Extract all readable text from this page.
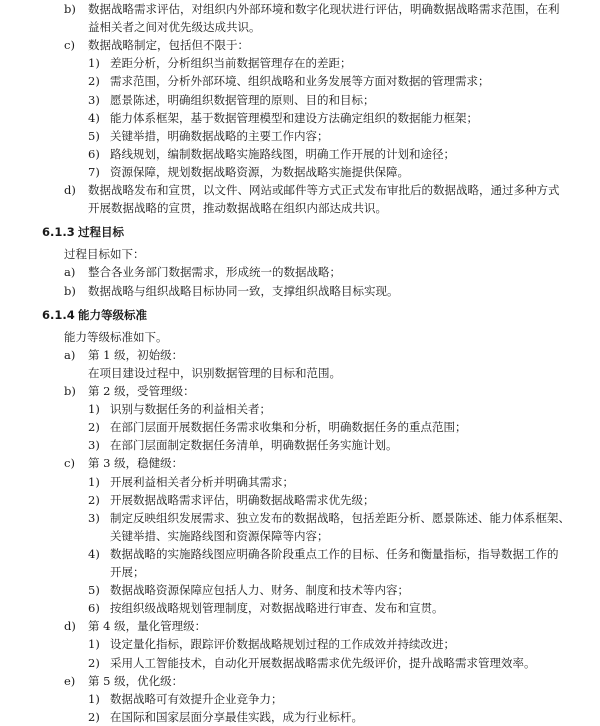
b) 数据战略需求评估，对组织内外部环境和数字化现状进行评估，明确数据战略需求范围，在利
益相关者之间对优先级达成共识。
c) 数据战略制定，包括但不限于：
1) 差距分析，分析组织当前数据管理存在的差距；
2) 需求范围，分析外部环境、组织战略和业务发展等方面对数据的管理需求；
3) 愿景陈述，明确组织数据管理的原则、目的和目标；
4) 能力体系框架，基于数据管理模型和建设方法确定组织的数据能力框架；
5) 关键举措，明确数据战略的主要工作内容；
6) 路线规划，编制数据战略实施路线图，明确工作开展的计划和途径；
7) 资源保障，规划数据战略资源，为数据战略实施提供保障。
d) 数据战略发布和宣贯，以文件、网站或邮件等方式正式发布审批后的数据战略，通过多种方式
开展数据战略的宣贯，推动数据战略在组织内部达成共识。
6.1.3 过程目标
过程目标如下：
a) 整合各业务部门数据需求，形成统一的数据战略；
b) 数据战略与组织战略目标协同一致，支撑组织战略目标实现。
6.1.4 能力等级标准
能力等级标准如下。
a) 第 1 级，初始级：
在项目建设过程中，识别数据管理的目标和范围。
b) 第 2 级，受管理级：
1) 识别与数据任务的利益相关者；
2) 在部门层面开展数据任务需求收集和分析，明确数据任务的重点范围；
3) 在部门层面制定数据任务清单，明确数据任务实施计划。
c) 第 3 级，稳健级：
1) 开展利益相关者分析并明确其需求；
2) 开展数据战略需求评估，明确数据战略需求优先级；
3) 制定反映组织发展需求、独立发布的数据战略，包括差距分析、愿景陈述、能力体系框架、
关键举措、实施路线图和资源保障等内容；
4) 数据战略的实施路线图应明确各阶段重点工作的目标、任务和衡量指标，指导数据工作的
开展；
5) 数据战略资源保障应包括人力、财务、制度和技术等内容；
6) 按组织级战略规划管理制度，对数据战略进行审查、发布和宣贯。
d) 第 4 级，量化管理级：
1) 设定量化指标，跟踪评价数据战略规划过程的工作成效并持续改进；
2) 采用人工智能技术，自动化开展数据战略需求优先级评价，提升战略需求管理效率。
e) 第 5 级，优化级：
1) 数据战略可有效提升企业竞争力；
2) 在国际和国家层面分享最佳实践，成为行业标杆。
